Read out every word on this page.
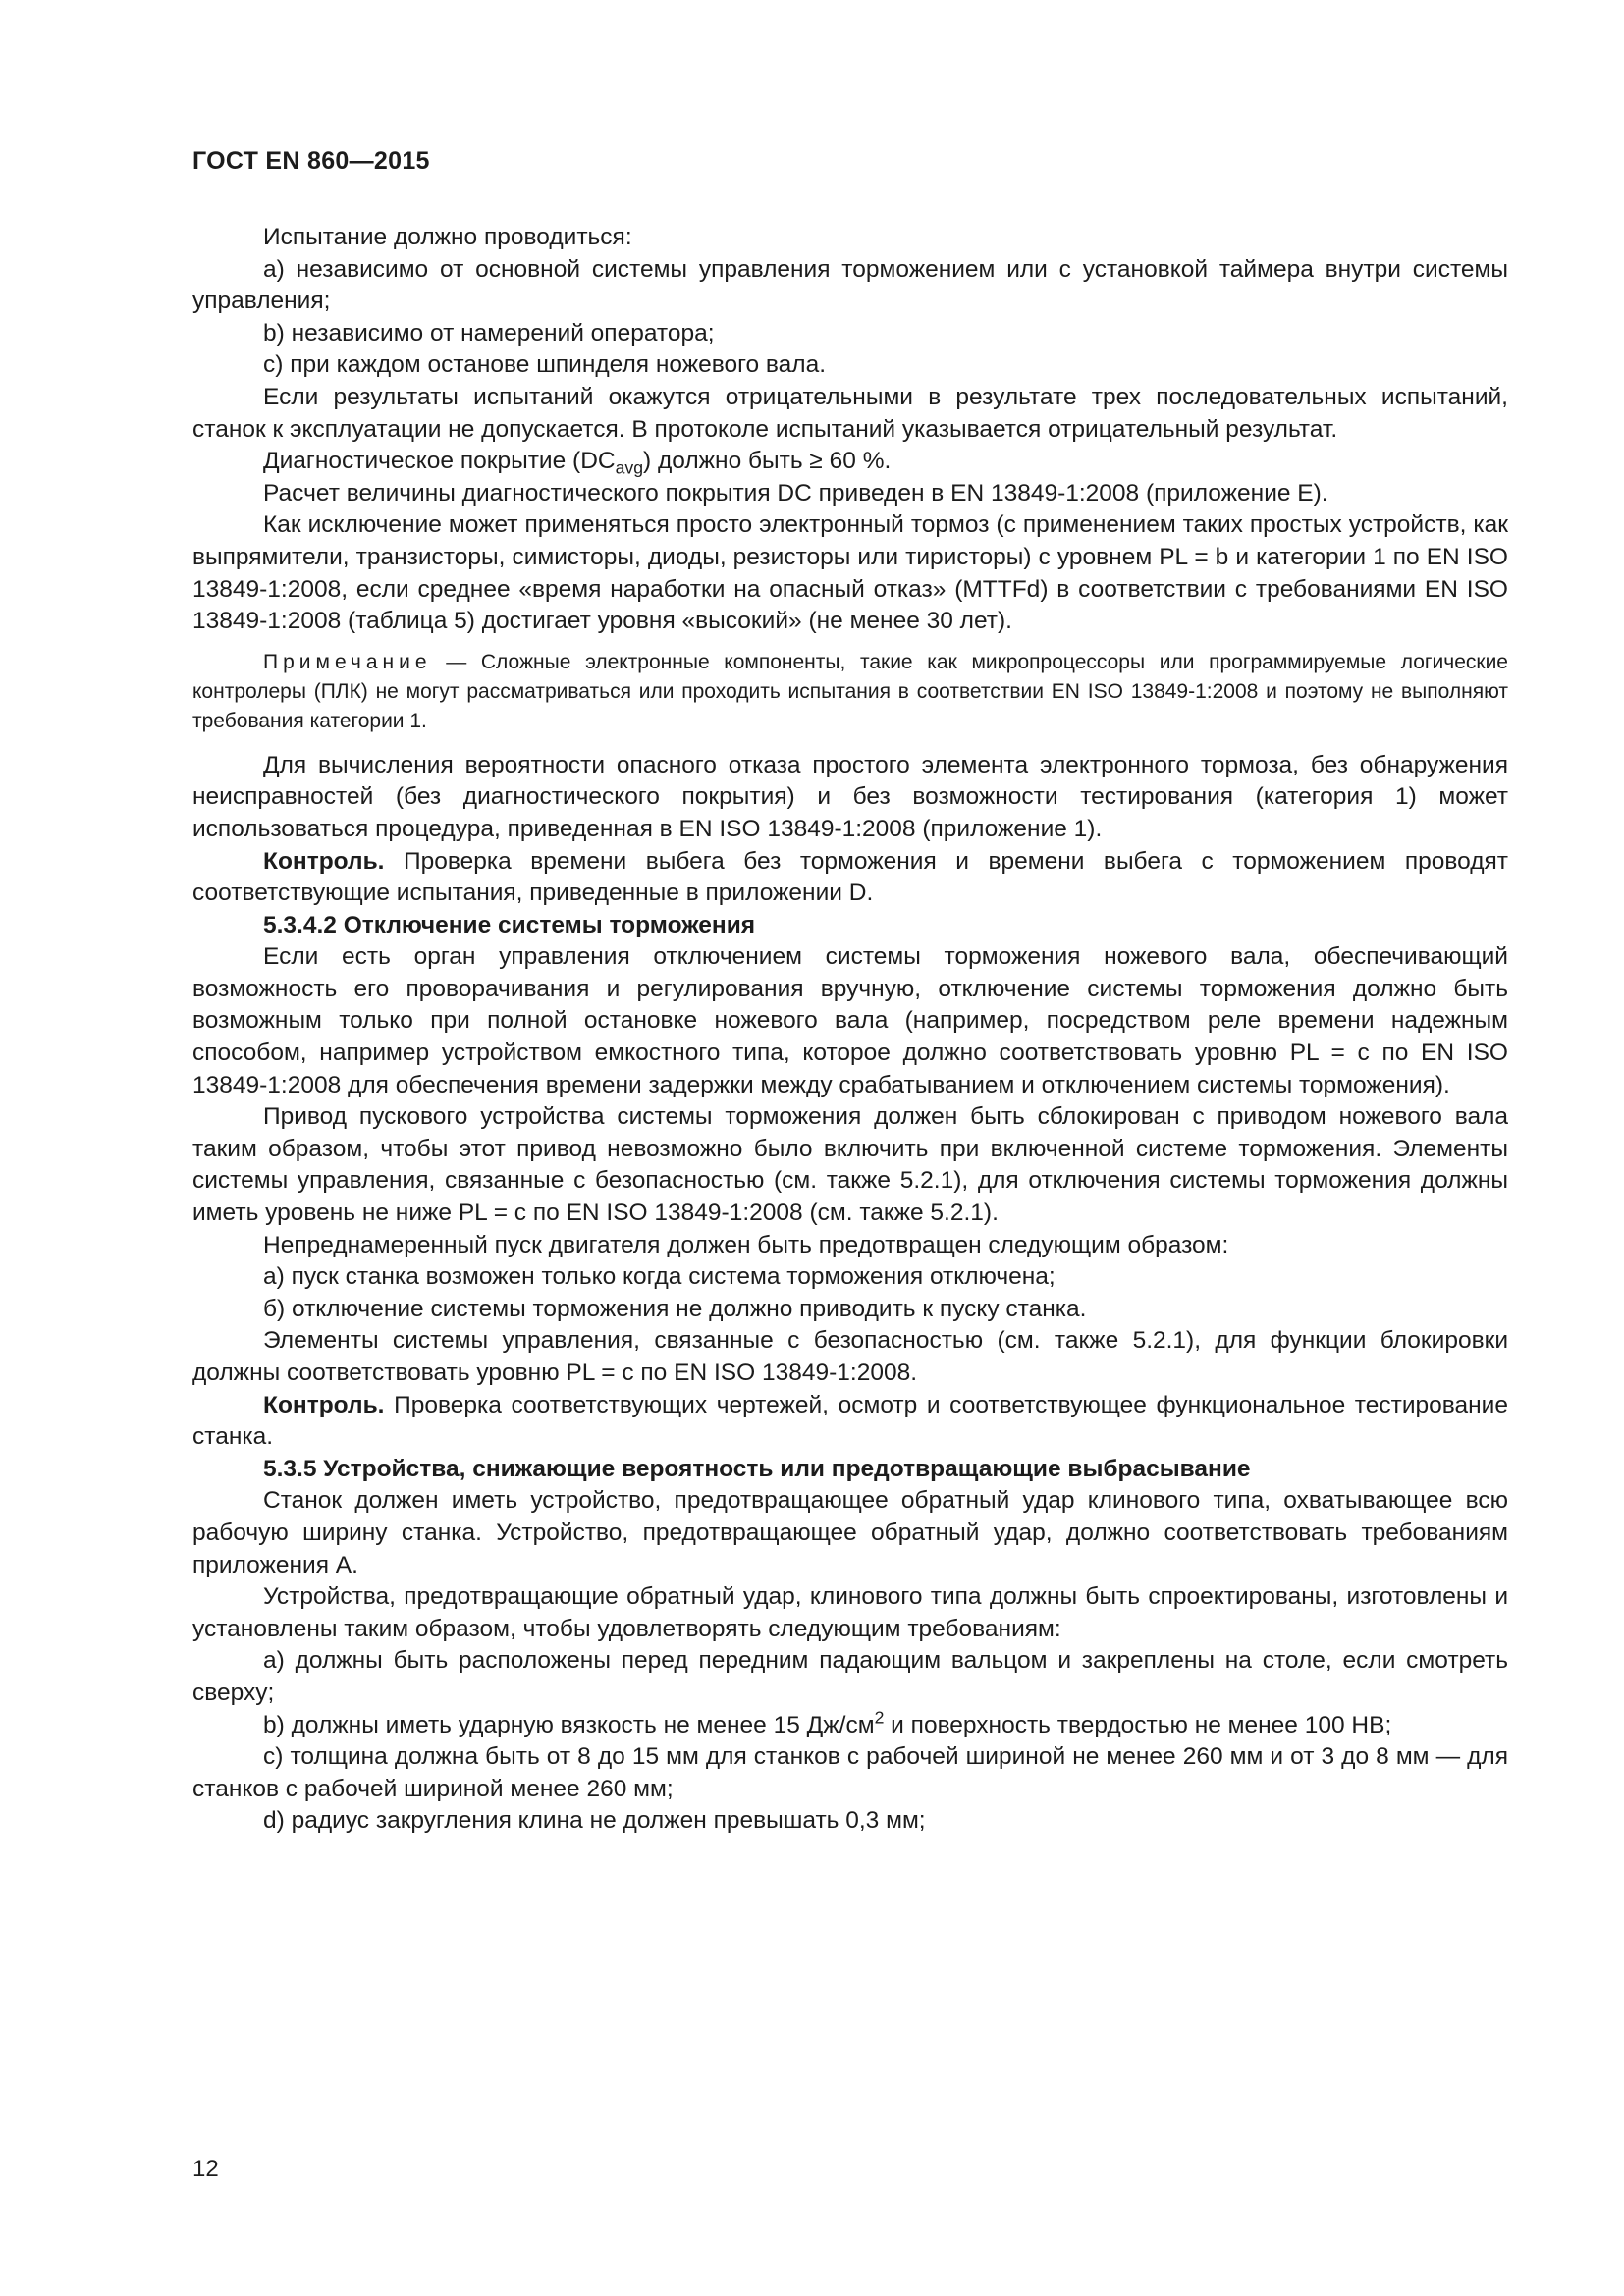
ГОСТ EN 860—2015

Испытание должно проводиться:

a) независимо от основной системы управления торможением или с установкой таймера внутри системы управления;

b) независимо от намерений оператора;

c) при каждом останове шпинделя ножевого вала.

Если результаты испытаний окажутся отрицательными в результате трех последовательных испытаний, станок к эксплуатации не допускается. В протоколе испытаний указывается отрицательный результат.

Диагностическое покрытие $(DC_{avg})$ должно быть ≥ 60 %.

Расчет величины диагностического покрытия DC приведен в EN 13849-1:2008 (приложение E).

Как исключение может применяться просто электронный тормоз (с применением таких простых устройств, как выпрямители, транзисторы, симисторы, диоды, резисторы или тиристоры) с уровнем PL = b и категории 1 по EN ISO 13849-1:2008, если среднее «время наработки на опасный отказ» (MTTFd) в соответствии с требованиями EN ISO 13849-1:2008 (таблица 5) достигает уровня «высокий» (не менее 30 лет).

Примечание — Сложные электронные компоненты, такие как микропроцессоры или программируемые логические контролеры (ПЛК) не могут рассматриваться или проходить испытания в соответствии EN ISO 13849-1:2008 и поэтому не выполняют требования категории 1.

Для вычисления вероятности опасного отказа простого элемента электронного тормоза, без обнаружения неисправностей (без диагностического покрытия) и без возможности тестирования (категория 1) может использоваться процедура, приведенная в EN ISO 13849-1:2008 (приложение 1).

Контроль. Проверка времени выбега без торможения и времени выбега с торможением проводят соответствующие испытания, приведенные в приложении D.

5.3.4.2 Отключение системы торможения

Если есть орган управления отключением системы торможения ножевого вала, обеспечивающий возможность его проворачивания и регулирования вручную, отключение системы торможения должно быть возможным только при полной остановке ножевого вала (например, посредством реле времени надежным способом, например устройством емкостного типа, которое должно соответствовать уровню PL = c по EN ISO 13849-1:2008 для обеспечения времени задержки между срабатыванием и отключением системы торможения).

Привод пускового устройства системы торможения должен быть сблокирован с приводом ножевого вала таким образом, чтобы этот привод невозможно было включить при включенной системе торможения. Элементы системы управления, связанные с безопасностью (см. также 5.2.1), для отключения системы торможения должны иметь уровень не ниже PL = c по EN ISO 13849-1:2008 (см. также 5.2.1).

Непреднамеренный пуск двигателя должен быть предотвращен следующим образом:

a) пуск станка возможен только когда система торможения отключена;

б) отключение системы торможения не должно приводить к пуску станка.

Элементы системы управления, связанные с безопасностью (см. также 5.2.1), для функции блокировки должны соответствовать уровню PL = c по EN ISO 13849-1:2008.

Контроль. Проверка соответствующих чертежей, осмотр и соответствующее функциональное тестирование станка.

5.3.5 Устройства, снижающие вероятность или предотвращающие выбрасывание

Станок должен иметь устройство, предотвращающее обратный удар клинового типа, охватывающее всю рабочую ширину станка. Устройство, предотвращающее обратный удар, должно соответствовать требованиям приложения A.

Устройства, предотвращающие обратный удар, клинового типа должны быть спроектированы, изготовлены и установлены таким образом, чтобы удовлетворять следующим требованиям:

a) должны быть расположены перед передним падающим вальцом и закреплены на столе, если смотреть сверху;

b) должны иметь ударную вязкость не менее 15 $Дж/см^2$ и поверхность твердостью не менее 100 HB;

c) толщина должна быть от 8 до 15 мм для станков с рабочей шириной не менее 260 мм и от 3 до 8 мм — для станков с рабочей шириной менее 260 мм;

d) радиус закругления клина не должен превышать 0,3 мм;

12
